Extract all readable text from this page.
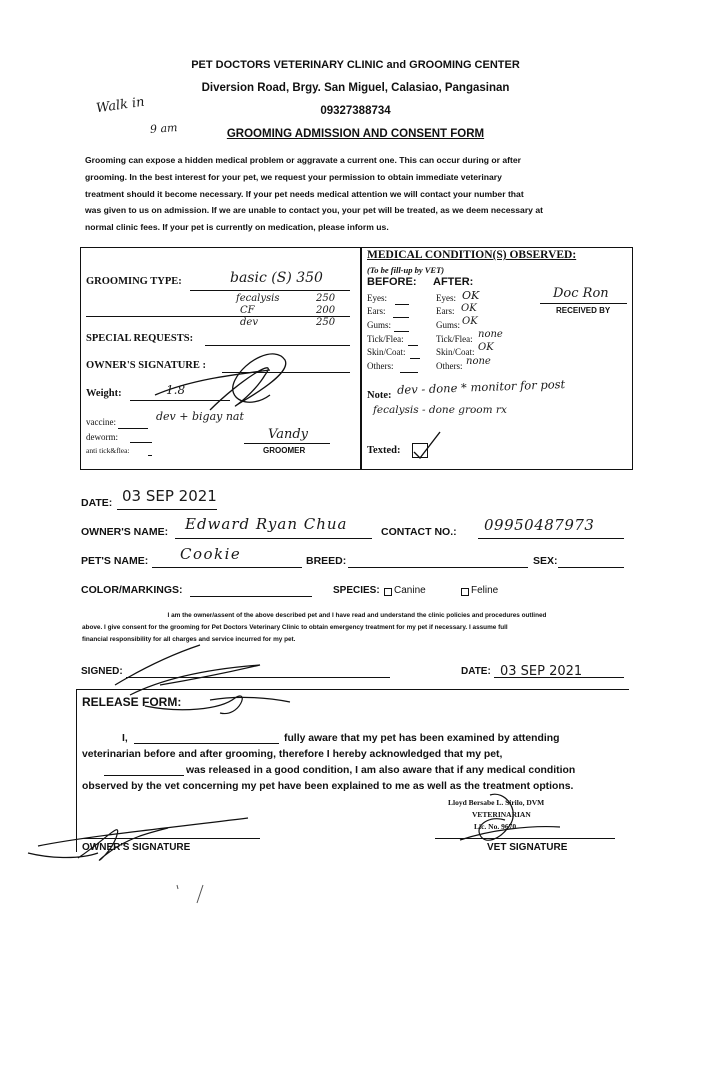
PET DOCTORS VETERINARY CLINIC and GROOMING CENTER
Diversion Road, Brgy. San Miguel, Calasiao, Pangasinan
09327388734
GROOMING ADMISSION AND CONSENT FORM
Walk in
9 am
Grooming can expose a hidden medical problem or aggravate a current one. This can occur during or after
grooming. In the best interest for your pet, we request your permission to obtain immediate veterinary
treatment should it become necessary. If your pet needs medical attention we will contact your number that
was given to us on admission. If we are unable to contact you, your pet will be treated, as we deem necessary at
normal clinic fees. If your pet is currently on medication, please inform us.
GROOMING TYPE:	basic (S) 350
fecalysis	250
CF	200
dev	250
SPECIAL REQUESTS:
OWNER'S SIGNATURE :
Weight:	1.8
vaccine:	dev + bigay nat
deworm:
anti tick&flea:
Vandy
GROOMER
MEDICAL CONDITION(S) OBSERVED:
(To be fill-up by VET)
BEFORE: AFTER:
Eyes:	Eyes: OK
Ears:	Ears: OK
Gums:	Gums: OK
Tick/Flea:	Tick/Flea: none
Skin/Coat:	Skin/Coat: OK
Others:	Others: none
Doc Ron
RECEIVED BY
Note: dev - done * monitor for post
fecalysis - done groom rx
Texted:
DATE: 03 SEP 2021
OWNER'S NAME: Edward Ryan Chua	CONTACT NO.: 09950487973
PET'S NAME: Cookie	BREED:	SEX:
COLOR/MARKINGS:	SPECIES: Canine	Feline
I am the owner/assent of the above described pet and I have read and understand the clinic policies and procedures outlined
above. I give consent for the grooming for Pet Doctors Veterinary Clinic to obtain emergency treatment for my pet if necessary. I assume full
financial responsibility for all charges and service incurred for my pet.
SIGNED:	DATE: 03 SEP 2021
RELEASE FORM:
I,	fully aware that my pet has been examined by attending
veterinarian before and after grooming, therefore I hereby acknowledged that my pet,
was released in a good condition, I am also aware that if any medical condition
observed by the vet concerning my pet have been explained to me as well as the treatment options.
Lloyd Bersabe L. Sirilo, DVM
VETERINARIAN
Lic. No. 9670
OWNER'S SIGNATURE	VET SIGNATURE
